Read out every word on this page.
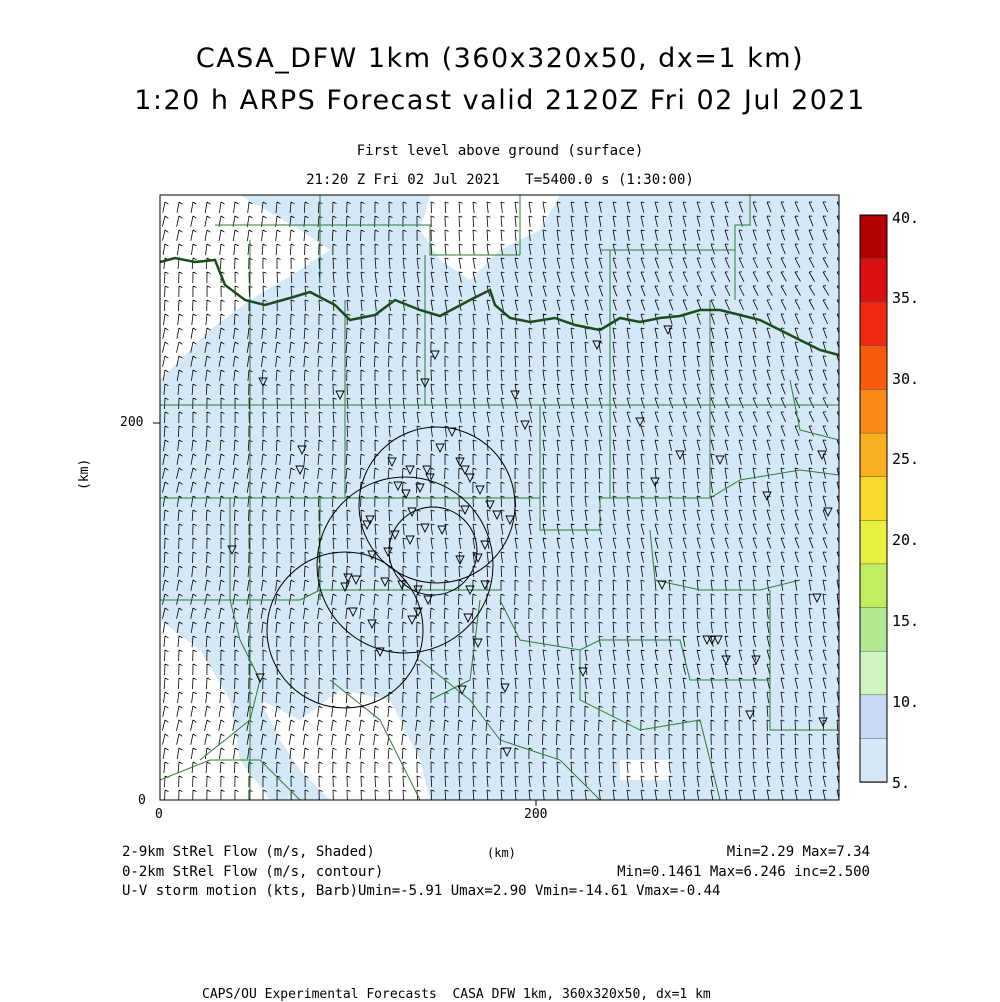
CASA_DFW 1km (360x320x50, dx=1 km)
1:20 h ARPS Forecast valid 2120Z Fri 02 Jul 2021
First level above ground (surface)
21:20 Z Fri 02 Jul 2021   T=5400.0 s (1:30:00)
(km)
200
0
0	200
40.
35.
30.
25.
20.
15.
10.
5.
2-9km StRel Flow (m/s, Shaded)
0-2km StRel Flow (m/s, contour)
U-V storm motion (kts, Barb)Umin=-5.91 Umax=2.90 Vmin=-14.61 Vmax=-0.44
(km)	Min=2.29 Max=7.34
Min=0.1461 Max=6.246 inc=2.500
CAPS/OU Experimental Forecasts  CASA DFW 1km, 360x320x50, dx=1 km
